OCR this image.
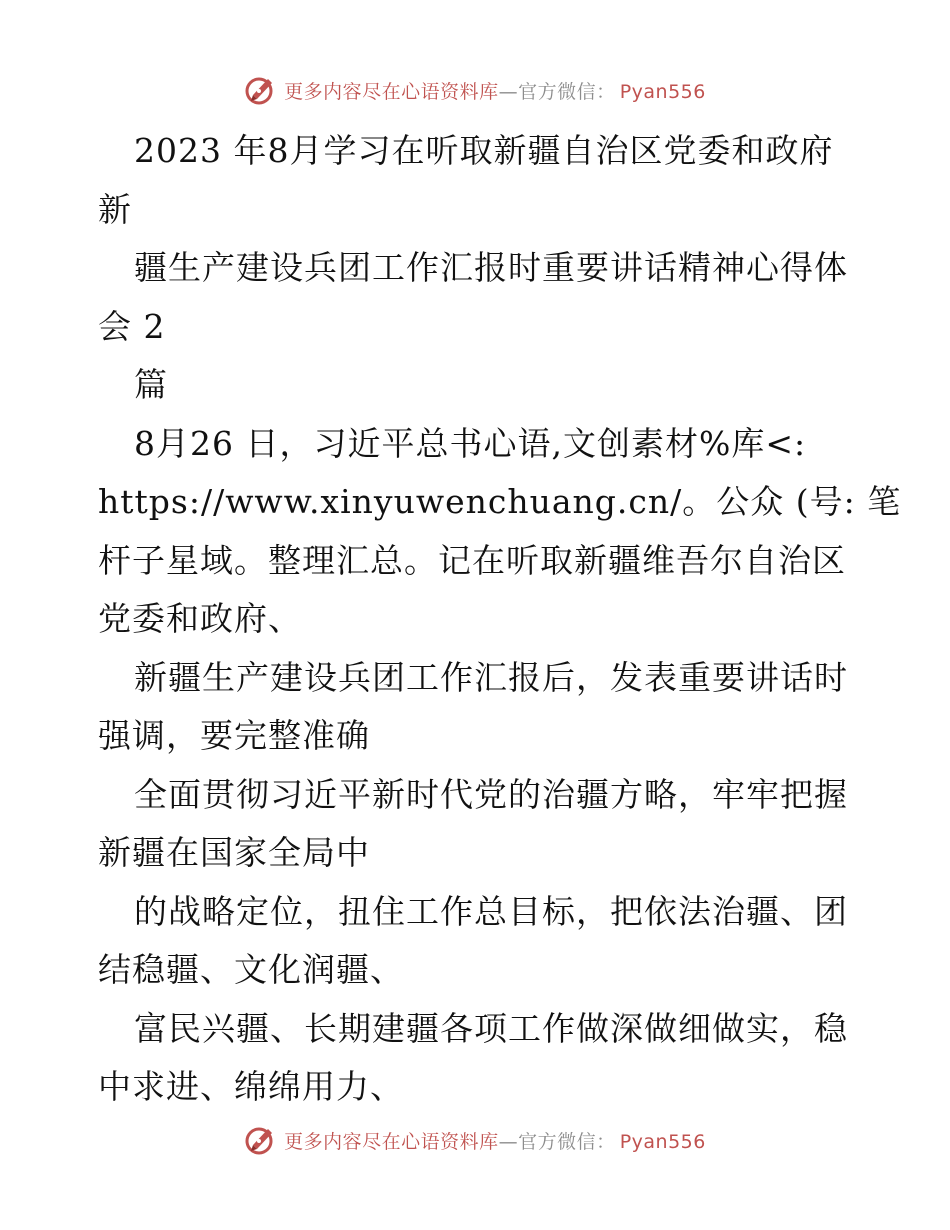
更多内容尽在心语资料库—官方微信： Pyan556
2023 年8月学习在听取新疆自治区党委和政府
新
疆生产建设兵团工作汇报时重要讲话精神心得体
会 2
篇
8月26 日，习近平总书心语,文创素材%库<:
https://www.xinyuwenchuang.cn/。公众 (号: 笔
杆子星域。整理汇总。记在听取新疆维吾尔自治区
党委和政府、
新疆生产建设兵团工作汇报后，发表重要讲话时
强调，要完整准确
全面贯彻习近平新时代党的治疆方略，牢牢把握
新疆在国家全局中
的战略定位，扭住工作总目标，把依法治疆、团
结稳疆、文化润疆、
富民兴疆、长期建疆各项工作做深做细做实，稳
中求进、绵绵用力、
更多内容尽在心语资料库—官方微信： Pyan556
